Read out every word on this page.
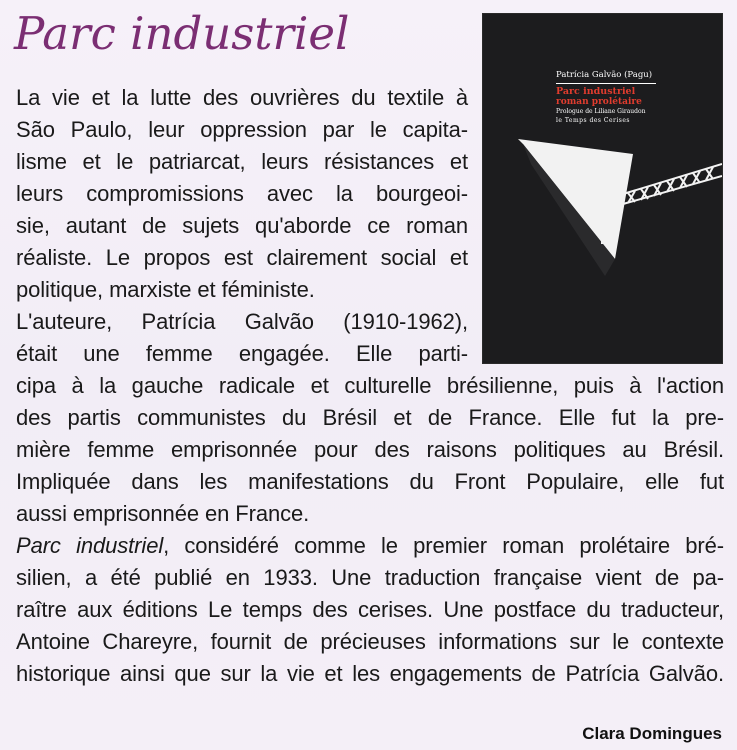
Parc industriel
Patrícia Galvão (Pagu)
Parc industriel
roman prolétaire
Prologue de Liliane Giraudon
le Temps des Cerises
La vie et la lutte des ouvrières du textile à
São Paulo, leur oppression par le capita-
lisme et le patriarcat, leurs résistances et
leurs compromissions avec la bourgeoi-
sie, autant de sujets qu'aborde ce roman
réaliste. Le propos est clairement social et
politique, marxiste et féministe.
L'auteure, Patrícia Galvão (1910-1962),
était une femme engagée. Elle parti-
cipa à la gauche radicale et culturelle brésilienne, puis à l'action
des partis communistes du Brésil et de France. Elle fut la pre-
mière femme emprisonnée pour des raisons politiques au Brésil.
Impliquée dans les manifestations du Front Populaire, elle fut
aussi emprisonnée en France.
Parc industriel, considéré comme le premier roman prolétaire bré-
silien, a été publié en 1933. Une traduction française vient de pa-
raître aux éditions Le temps des cerises. Une postface du traducteur,
Antoine Chareyre, fournit de précieuses informations sur le contexte
historique ainsi que sur la vie et les engagements de Patrícia Galvão.
Clara Domingues
